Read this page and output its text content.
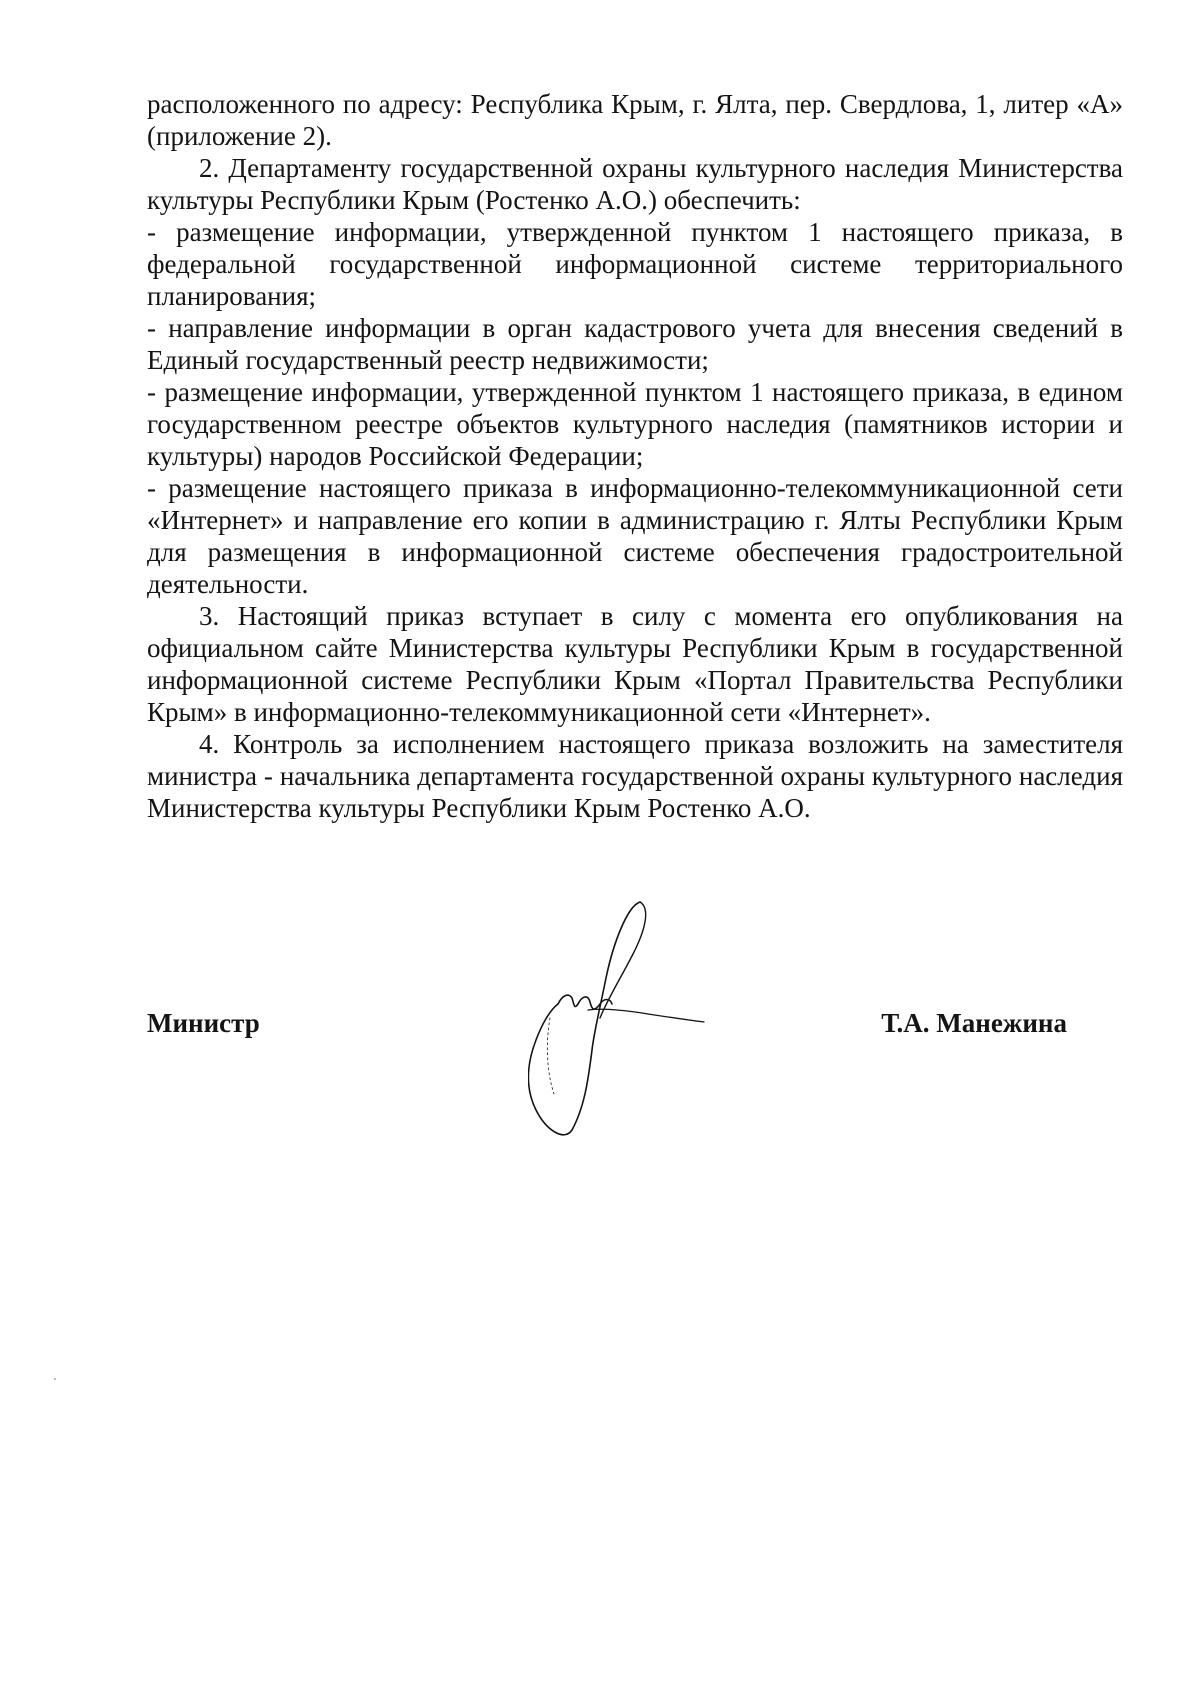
расположенного по адресу: Республика Крым, г. Ялта, пер. Свердлова, 1, литер «А» (приложение 2).

2. Департаменту государственной охраны культурного наследия Министерства культуры Республики Крым (Ростенко А.О.) обеспечить:

- размещение информации, утвержденной пунктом 1 настоящего приказа, в федеральной государственной информационной системе территориального планирования;

- направление информации в орган кадастрового учета для внесения сведений в Единый государственный реестр недвижимости;

- размещение информации, утвержденной пунктом 1 настоящего приказа, в едином государственном реестре объектов культурного наследия (памятников истории и культуры) народов Российской Федерации;

- размещение настоящего приказа в информационно-телекоммуникационной сети «Интернет» и направление его копии в администрацию г. Ялты Республики Крым для размещения в информационной системе обеспечения градостроительной деятельности.

3. Настоящий приказ вступает в силу с момента его опубликования на официальном сайте Министерства культуры Республики Крым в государственной информационной системе Республики Крым «Портал Правительства Республики Крым» в информационно-телекоммуникационной сети «Интернет».

4. Контроль за исполнением настоящего приказа возложить на заместителя министра - начальника департамента государственной охраны культурного наследия Министерства культуры Республики Крым Ростенко А.О.

Министр	Т.А. Манежина
